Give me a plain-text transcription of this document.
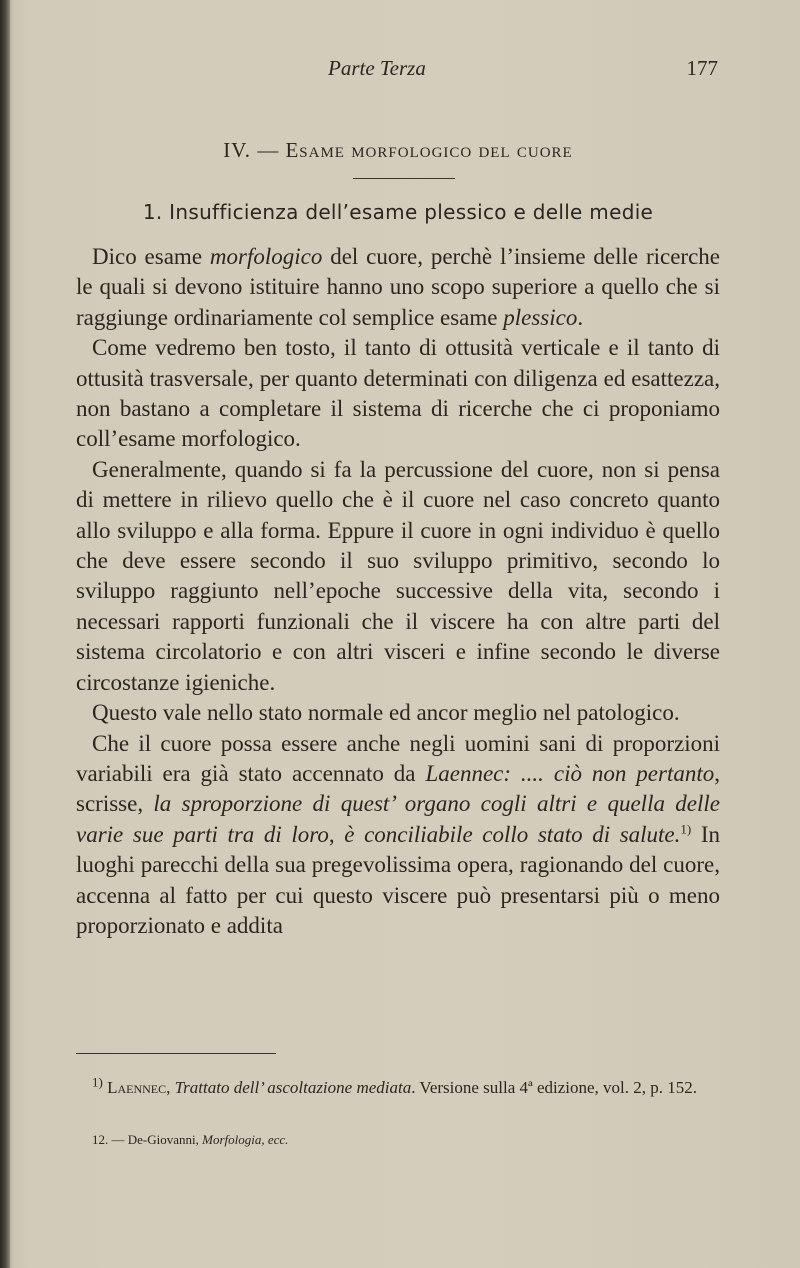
Parte Terza	177
IV. — Esame morfologico del cuore
1. Insufficienza dell’esame plessico e delle medie

Dico esame morfologico del cuore, perchè l’insieme delle ricerche le quali si devono istituire hanno uno scopo superiore a quello che si raggiunge ordinariamente col semplice esame plessico.

Come vedremo ben tosto, il tanto di ottusità verticale e il tanto di ottusità trasversale, per quanto determinati con diligenza ed esattezza, non bastano a completare il sistema di ricerche che ci proponiamo coll’esame morfologico.

Generalmente, quando si fa la percussione del cuore, non si pensa di mettere in rilievo quello che è il cuore nel caso concreto quanto allo sviluppo e alla forma. Eppure il cuore in ogni individuo è quello che deve essere secondo il suo sviluppo primitivo, secondo lo sviluppo raggiunto nell’epoche successive della vita, secondo i necessari rapporti funzionali che il viscere ha con altre parti del sistema circolatorio e con altri visceri e infine secondo le diverse circostanze igieniche.

Questo vale nello stato normale ed ancor meglio nel patologico.

Che il cuore possa essere anche negli uomini sani di proporzioni variabili era già stato accennato da Laennec: .... ciò non pertanto, scrisse, la sproporzione di quest’ organo cogli altri e quella delle varie sue parti tra di loro, è conciliabile collo stato di salute.$^{1)}$ In luoghi parecchi della sua pregevolissima opera, ragionando del cuore, accenna al fatto per cui questo viscere può presentarsi più o meno proporzionato e addita

$^{1)}$ Laennec, Trattato dell’ ascoltazione mediata. Versione sulla 4ª edizione, vol. 2, p. 152.

12. — De-Giovanni, Morfologia, ecc.
